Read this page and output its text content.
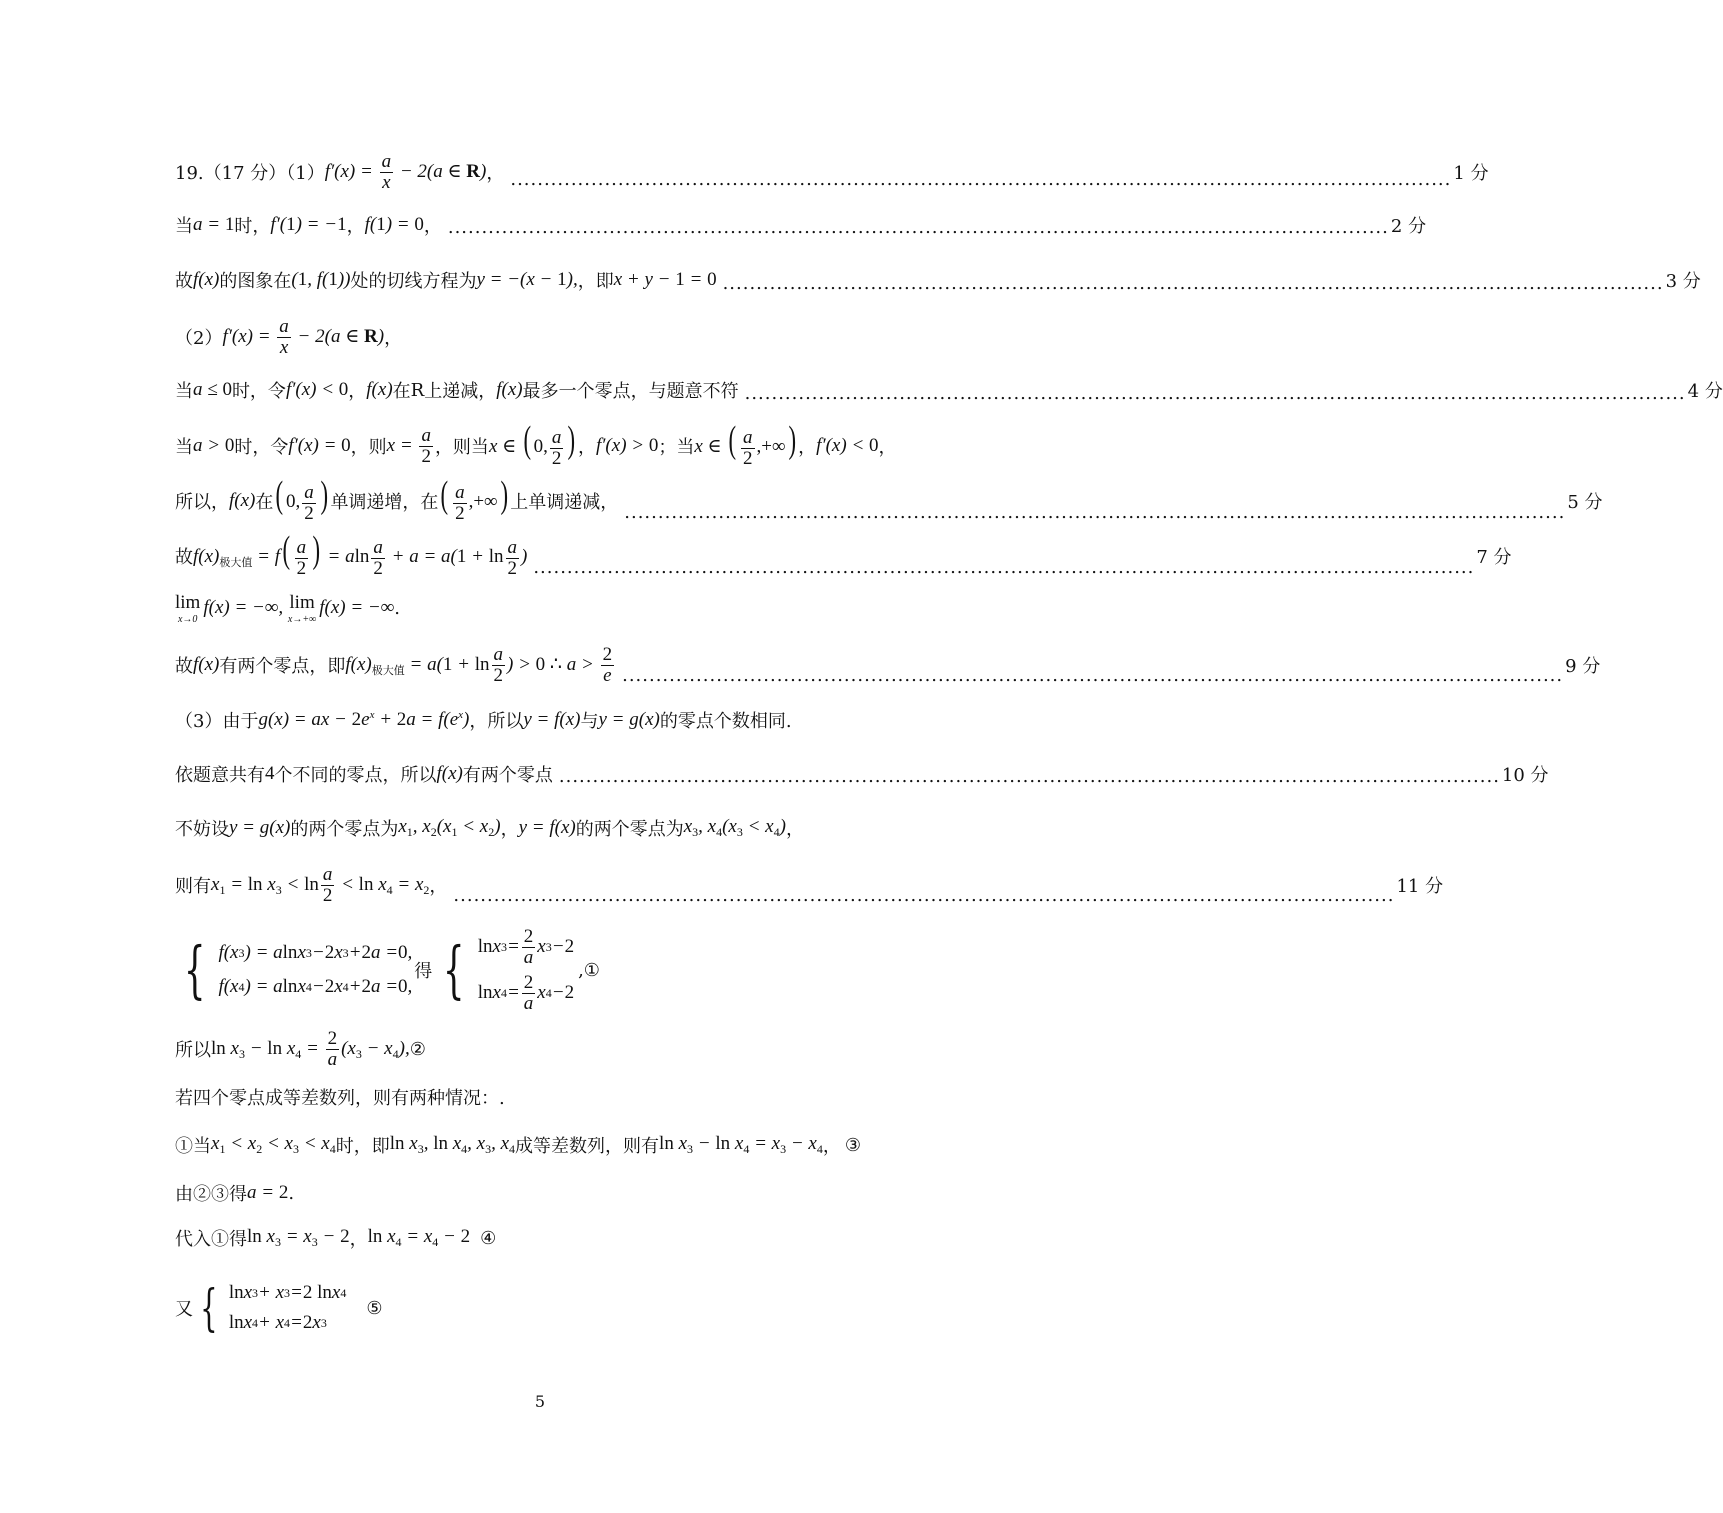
19.（17 分）（1） $f'(x) = \frac{a}{x} - 2(a$ ∈ R) ， ............................................................................................................................................ 1 分
当 a = 1 时， f′(1) = −1 ， f(1) = 0 ， ............................................................................................................................................ 2 分
故 f(x) 的图象在 (1, f(1)) 处的切线方程为 y = −(x − 1), ，即 x + y − 1 = 0 ............................................................................................................................................ 3 分
（2） $f'(x) = \frac{a}{x} - 2(a$ ∈ R) ，
当 a ≤ 0 时，令 f′(x) < 0 ， f(x) 在 R 上递减， f(x) 最多一个零点，与题意不符 ............................................................................................................................................ 4 分
当 a > 0 时，令 f′(x) = 0 ，则 $x = \frac{a}{2}$ ，则当 x ∈ ( 0, $\frac{a}{2}$ ) ， f′(x) > 0 ；当 x ∈ ( $\frac{a}{2}$ ,+∞) ， f′(x) < 0 ，
所以， f(x) 在 ( 0, $\frac{a}{2}$ ) 单调递增，在 ( $\frac{a}{2}$ ,+∞) 上单调递减， ............................................................................................................................................ 5 分
故 $f(x)_{极大值} = f( \frac{a}{2}$ ) = aln $\frac{a}{2} + a = a(1 + \ln \frac{a}{2}$ )
............................................................................................................................................ 7 分
lim
x→0
f(x) = −∞, lim
x→+∞
f(x) = −∞ .
故 f(x) 有两个零点，即 $f(x)_{极大值} = a(1 + \ln \frac{a}{2}$ ) > 0 ∴ $a > \frac{2}{e}$ ............................................................................................................................................ 9 分
（3）由于 g(x) = ax − $2e^x + 2a = f(e^x)$ ，所以 y = f(x) 与 y = g(x) 的零点个数相同.
依题意共有 4 个不同的零点，所以 f(x) 有两个零点 ............................................................................................................................................ 10 分
不妨设 y = g(x) 的两个零点为 $x_1$, $x_2(x_1 < x_2)$ ， y = f(x) 的两个零点为 $x_3$, $x_4(x_3 < x_4)$ ，
则有 $x_1 = \ln x_3 < \ln \frac{a}{2} < \ln x_4 = x_2$ ， ............................................................................................................................................ 11 分
{ f(x 3 ) = a ln x 3 − 2 x 3 + 2 a = 0 ,
f(x 4 ) = a ln x 4 − 2 x 4 + 2 a = 0 ,
得 { ln x $3 = \frac{2}{a}$ x 3 − 2
ln x $4 = \frac{2}{a}$ x 4 − 2
,①
所以 $\ln x_3 - \ln x_4 = \frac{2}{a} (x_3 - x_4)$, ②
若四个零点成等差数列，则有两种情况：.
①当 $x_1 < x_2 < x_3 < x_4$ 时，即 $\ln x_3$, $\ln x_4$, $x_3$, $x_4$ 成等差数列，则有 $\ln x_3 - \ln x_4 = x_3 - x_4$ ， ③
由②③得 a = 2 .
代入①得 $\ln x_3 = x_3 - 2$ ， $\ln x_4 = x_4 - 2$ ④
又 { ln x 3 + x 3 = 2 ln x 4
ln x 4 + x 4 = 2 x 3
⑤
5
